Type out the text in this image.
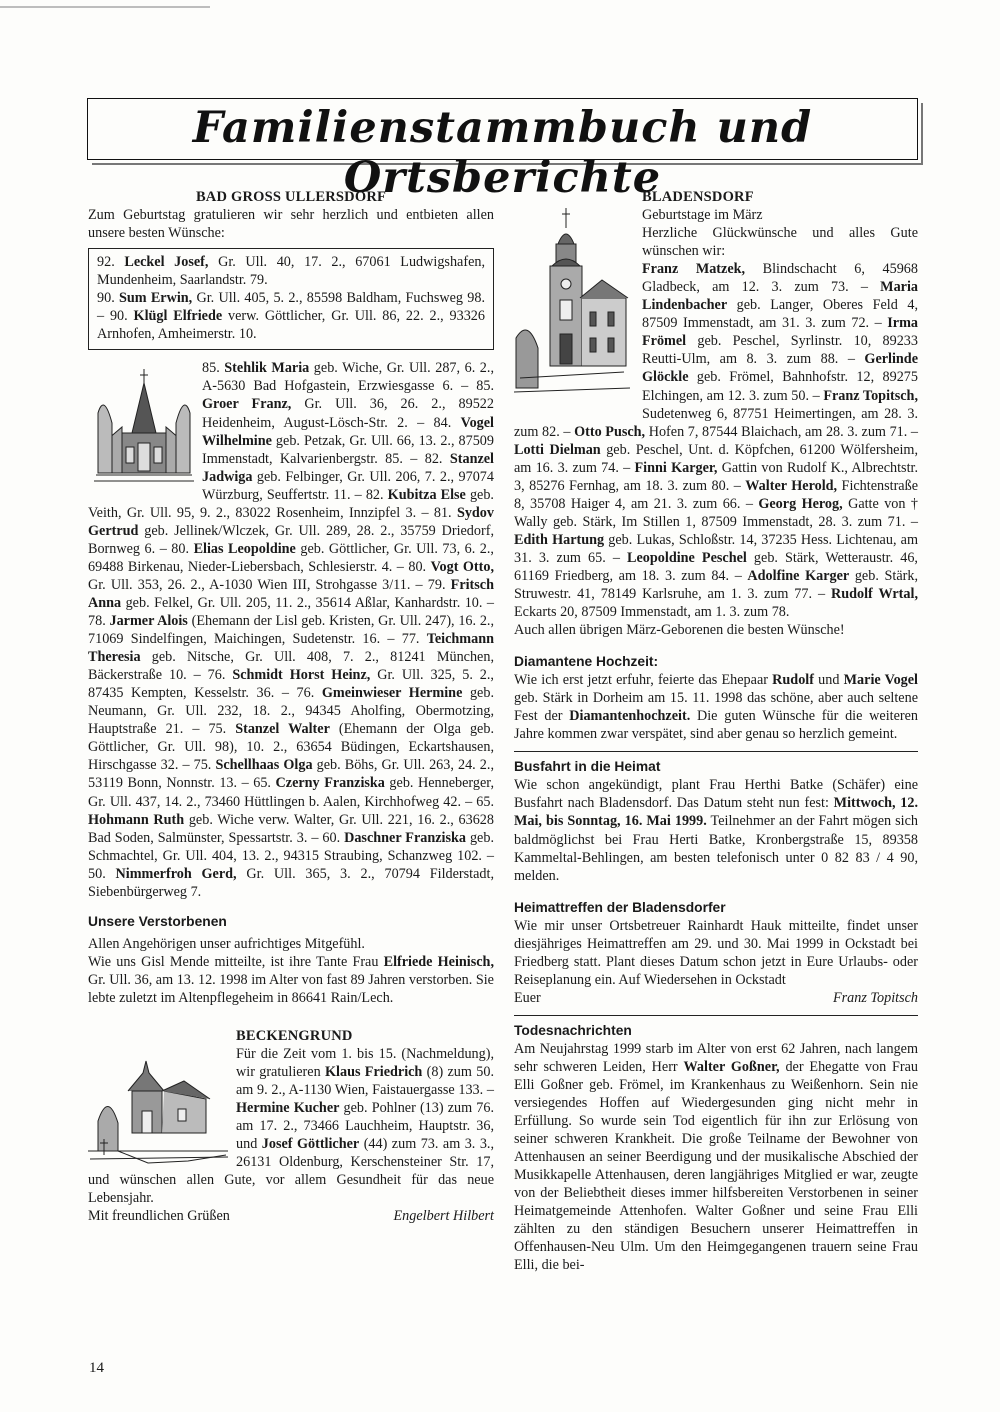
Familienstammbuch und Ortsberichte
BAD GROSS ULLERSDORF

Zum Geburtstag gratulieren wir sehr herzlich und entbieten allen unsere besten Wünsche:

92. Leckel Josef, Gr. Ull. 40, 17. 2., 67061 Ludwigshafen, Mundenheim, Saarlandstr. 79.

90. Sum Erwin, Gr. Ull. 405, 5. 2., 85598 Baldham, Fuchsweg 98. – 90. Klügl Elfriede verw. Göttlicher, Gr. Ull. 86, 22. 2., 93326 Arnhofen, Amheimerstr. 10.

85. Stehlik Maria geb. Wiche, Gr. Ull. 287, 6. 2., A-5630 Bad Hofgastein, Erzwiesgasse 6. – 85. Groer Franz, Gr. Ull. 36, 26. 2., 89522 Heidenheim, August-Lösch-Str. 2. – 84. Vogel Wilhelmine geb. Petzak, Gr. Ull. 66, 13. 2., 87509 Immenstadt, Kalvarienbergstr. 85. – 82. Stanzel Jadwiga geb. Felbinger, Gr. Ull. 206, 7. 2., 97074 Würzburg, Seuffertstr. 11. – 82. Kubitza Else geb. Veith, Gr. Ull. 95, 9. 2., 83022 Rosenheim, Innzipfel 3. – 81. Sydov Gertrud geb. Jellinek/Wlczek, Gr. Ull. 289, 28. 2., 35759 Driedorf, Bornweg 6. – 80. Elias Leopoldine geb. Göttlicher, Gr. Ull. 73, 6. 2., 69488 Birkenau, Nieder-Liebersbach, Schlesierstr. 4. – 80. Vogt Otto, Gr. Ull. 353, 26. 2., A-1030 Wien III, Strohgasse 3/11. – 79. Fritsch Anna geb. Felkel, Gr. Ull. 205, 11. 2., 35614 Aßlar, Kanhardstr. 10. – 78. Jarmer Alois (Ehemann der Lisl geb. Kristen, Gr. Ull. 247), 16. 2., 71069 Sindelfingen, Maichingen, Sudetenstr. 16. – 77. Teichmann Theresia geb. Nitsche, Gr. Ull. 408, 7. 2., 81241 München, Bäckerstraße 10. – 76. Schmidt Horst Heinz, Gr. Ull. 325, 5. 2., 87435 Kempten, Kesselstr. 36. – 76. Gmeinwieser Hermine geb. Neumann, Gr. Ull. 232, 18. 2., 94345 Aholfing, Obermotzing, Hauptstraße 21. – 75. Stanzel Walter (Ehemann der Olga geb. Göttlicher, Gr. Ull. 98), 10. 2., 63654 Büdingen, Eckartshausen, Hirschgasse 32. – 75. Schellhaas Olga geb. Böhs, Gr. Ull. 263, 24. 2., 53119 Bonn, Nonnstr. 13. – 65. Czerny Franziska geb. Henneberger, Gr. Ull. 437, 14. 2., 73460 Hüttlingen b. Aalen, Kirchhofweg 42. – 65. Hohmann Ruth geb. Wiche verw. Walter, Gr. Ull. 221, 16. 2., 63628 Bad Soden, Salmünster, Spessartstr. 3. – 60. Daschner Franziska geb. Schmachtel, Gr. Ull. 404, 13. 2., 94315 Straubing, Schanzweg 102. – 50. Nimmerfroh Gerd, Gr. Ull. 365, 3. 2., 70794 Filderstadt, Siebenbürgerweg 7.

Unsere Verstorbenen

Allen Angehörigen unser aufrichtiges Mitgefühl.

Wie uns Gisl Mende mitteilte, ist ihre Tante Frau Elfriede Heinisch, Gr. Ull. 36, am 13. 12. 1998 im Alter von fast 89 Jahren verstorben. Sie lebte zuletzt im Altenpflegeheim in 86641 Rain/Lech.

BECKENGRUND

Für die Zeit vom 1. bis 15. (Nachmeldung), wir gratulieren Klaus Friedrich (8) zum 50. am 9. 2., A-1130 Wien, Faistauergasse 133. – Hermine Kucher geb. Pohlner (13) zum 76. am 17. 2., 73466 Lauchheim, Hauptstr. 36, und Josef Göttlicher (44) zum 73. am 3. 3., 26131 Oldenburg, Kerschensteiner Str. 17, und wünschen allen Gute, vor allem Gesundheit für das neue Lebensjahr.

Mit freundlichen Grüßen	Engelbert Hilbert
BLADENSDORF

Geburtstage im März

Herzliche Glückwünsche und alles Gute wünschen wir:

Franz Matzek, Blindschacht 6, 45968 Gladbeck, am 12. 3. zum 73. – Maria Lindenbacher geb. Langer, Oberes Feld 4, 87509 Immenstadt, am 31. 3. zum 72. – Irma Frömel geb. Peschel, Syrlinstr. 10, 89233 Reutti-Ulm, am 8. 3. zum 88. – Gerlinde Glöckle geb. Frömel, Bahnhofstr. 12, 89275 Elchingen, am 12. 3. zum 50. – Franz Topitsch, Sudetenweg 6, 87751 Heimertingen, am 28. 3. zum 82. – Otto Pusch, Hofen 7, 87544 Blaichach, am 28. 3. zum 71. – Lotti Dielman geb. Peschel, Unt. d. Köpfchen, 61200 Wölfersheim, am 16. 3. zum 74. – Finni Karger, Gattin von Rudolf K., Albrechtstr. 3, 85276 Fernhag, am 18. 3. zum 80. – Walter Herold, Fichtenstraße 8, 35708 Haiger 4, am 21. 3. zum 66. – Georg Herog, Gatte von † Wally geb. Stärk, Im Stillen 1, 87509 Immenstadt, 28. 3. zum 71. – Edith Hartung geb. Lukas, Schloßstr. 14, 37235 Hess. Lichtenau, am 31. 3. zum 65. – Leopoldine Peschel geb. Stärk, Wetteraustr. 46, 61169 Friedberg, am 18. 3. zum 84. – Adolfine Karger geb. Stärk, Struwestr. 41, 78149 Karlsruhe, am 1. 3. zum 77. – Rudolf Wrtal, Eckarts 20, 87509 Immenstadt, am 1. 3. zum 78.

Auch allen übrigen März-Geborenen die besten Wünsche!

Diamantene Hochzeit:

Wie ich erst jetzt erfuhr, feierte das Ehepaar Rudolf und Marie Vogel geb. Stärk in Dorheim am 15. 11. 1998 das schöne, aber auch seltene Fest der Diamantenhochzeit. Die guten Wünsche für die weiteren Jahre kommen zwar verspätet, sind aber genau so herzlich gemeint.

Busfahrt in die Heimat

Wie schon angekündigt, plant Frau Herthi Batke (Schäfer) eine Busfahrt nach Bladensdorf. Das Datum steht nun fest: Mittwoch, 12. Mai, bis Sonntag, 16. Mai 1999. Teilnehmer an der Fahrt mögen sich baldmöglichst bei Frau Herti Batke, Kronbergstraße 15, 89358 Kammeltal-Behlingen, am besten telefonisch unter 0 82 83 / 4 90, melden.

Heimattreffen der Bladensdorfer

Wie mir unser Ortsbetreuer Rainhardt Hauk mitteilte, findet unser diesjähriges Heimattreffen am 29. und 30. Mai 1999 in Ockstadt bei Friedberg statt. Plant dieses Datum schon jetzt in Eure Urlaubs- oder Reiseplanung ein. Auf Wiedersehen in Ockstadt

Euer	Franz Topitsch
Todesnachrichten

Am Neujahrstag 1999 starb im Alter von erst 62 Jahren, nach langem sehr schweren Leiden, Herr Walter Goßner, der Ehegatte von Frau Elli Goßner geb. Frömel, im Krankenhaus zu Weißenhorn. Sein nie versiegendes Hoffen auf Wiedergesunden ging nicht mehr in Erfüllung. So wurde sein Tod eigentlich für ihn zur Erlösung von seiner schweren Krankheit. Die große Teilname der Bewohner von Attenhausen an seiner Beerdigung und der musikalische Abschied der Musikkapelle Attenhausen, deren langjähriges Mitglied er war, zeugte von der Beliebtheit dieses immer hilfsbereiten Verstorbenen in seiner Heimatgemeinde Attenhofen. Walter Goßner und seine Frau Elli zählten zu den ständigen Besuchern unserer Heimattreffen in Offenhausen-Neu Ulm. Um den Heimgegangenen trauern seine Frau Elli, die bei-

14
